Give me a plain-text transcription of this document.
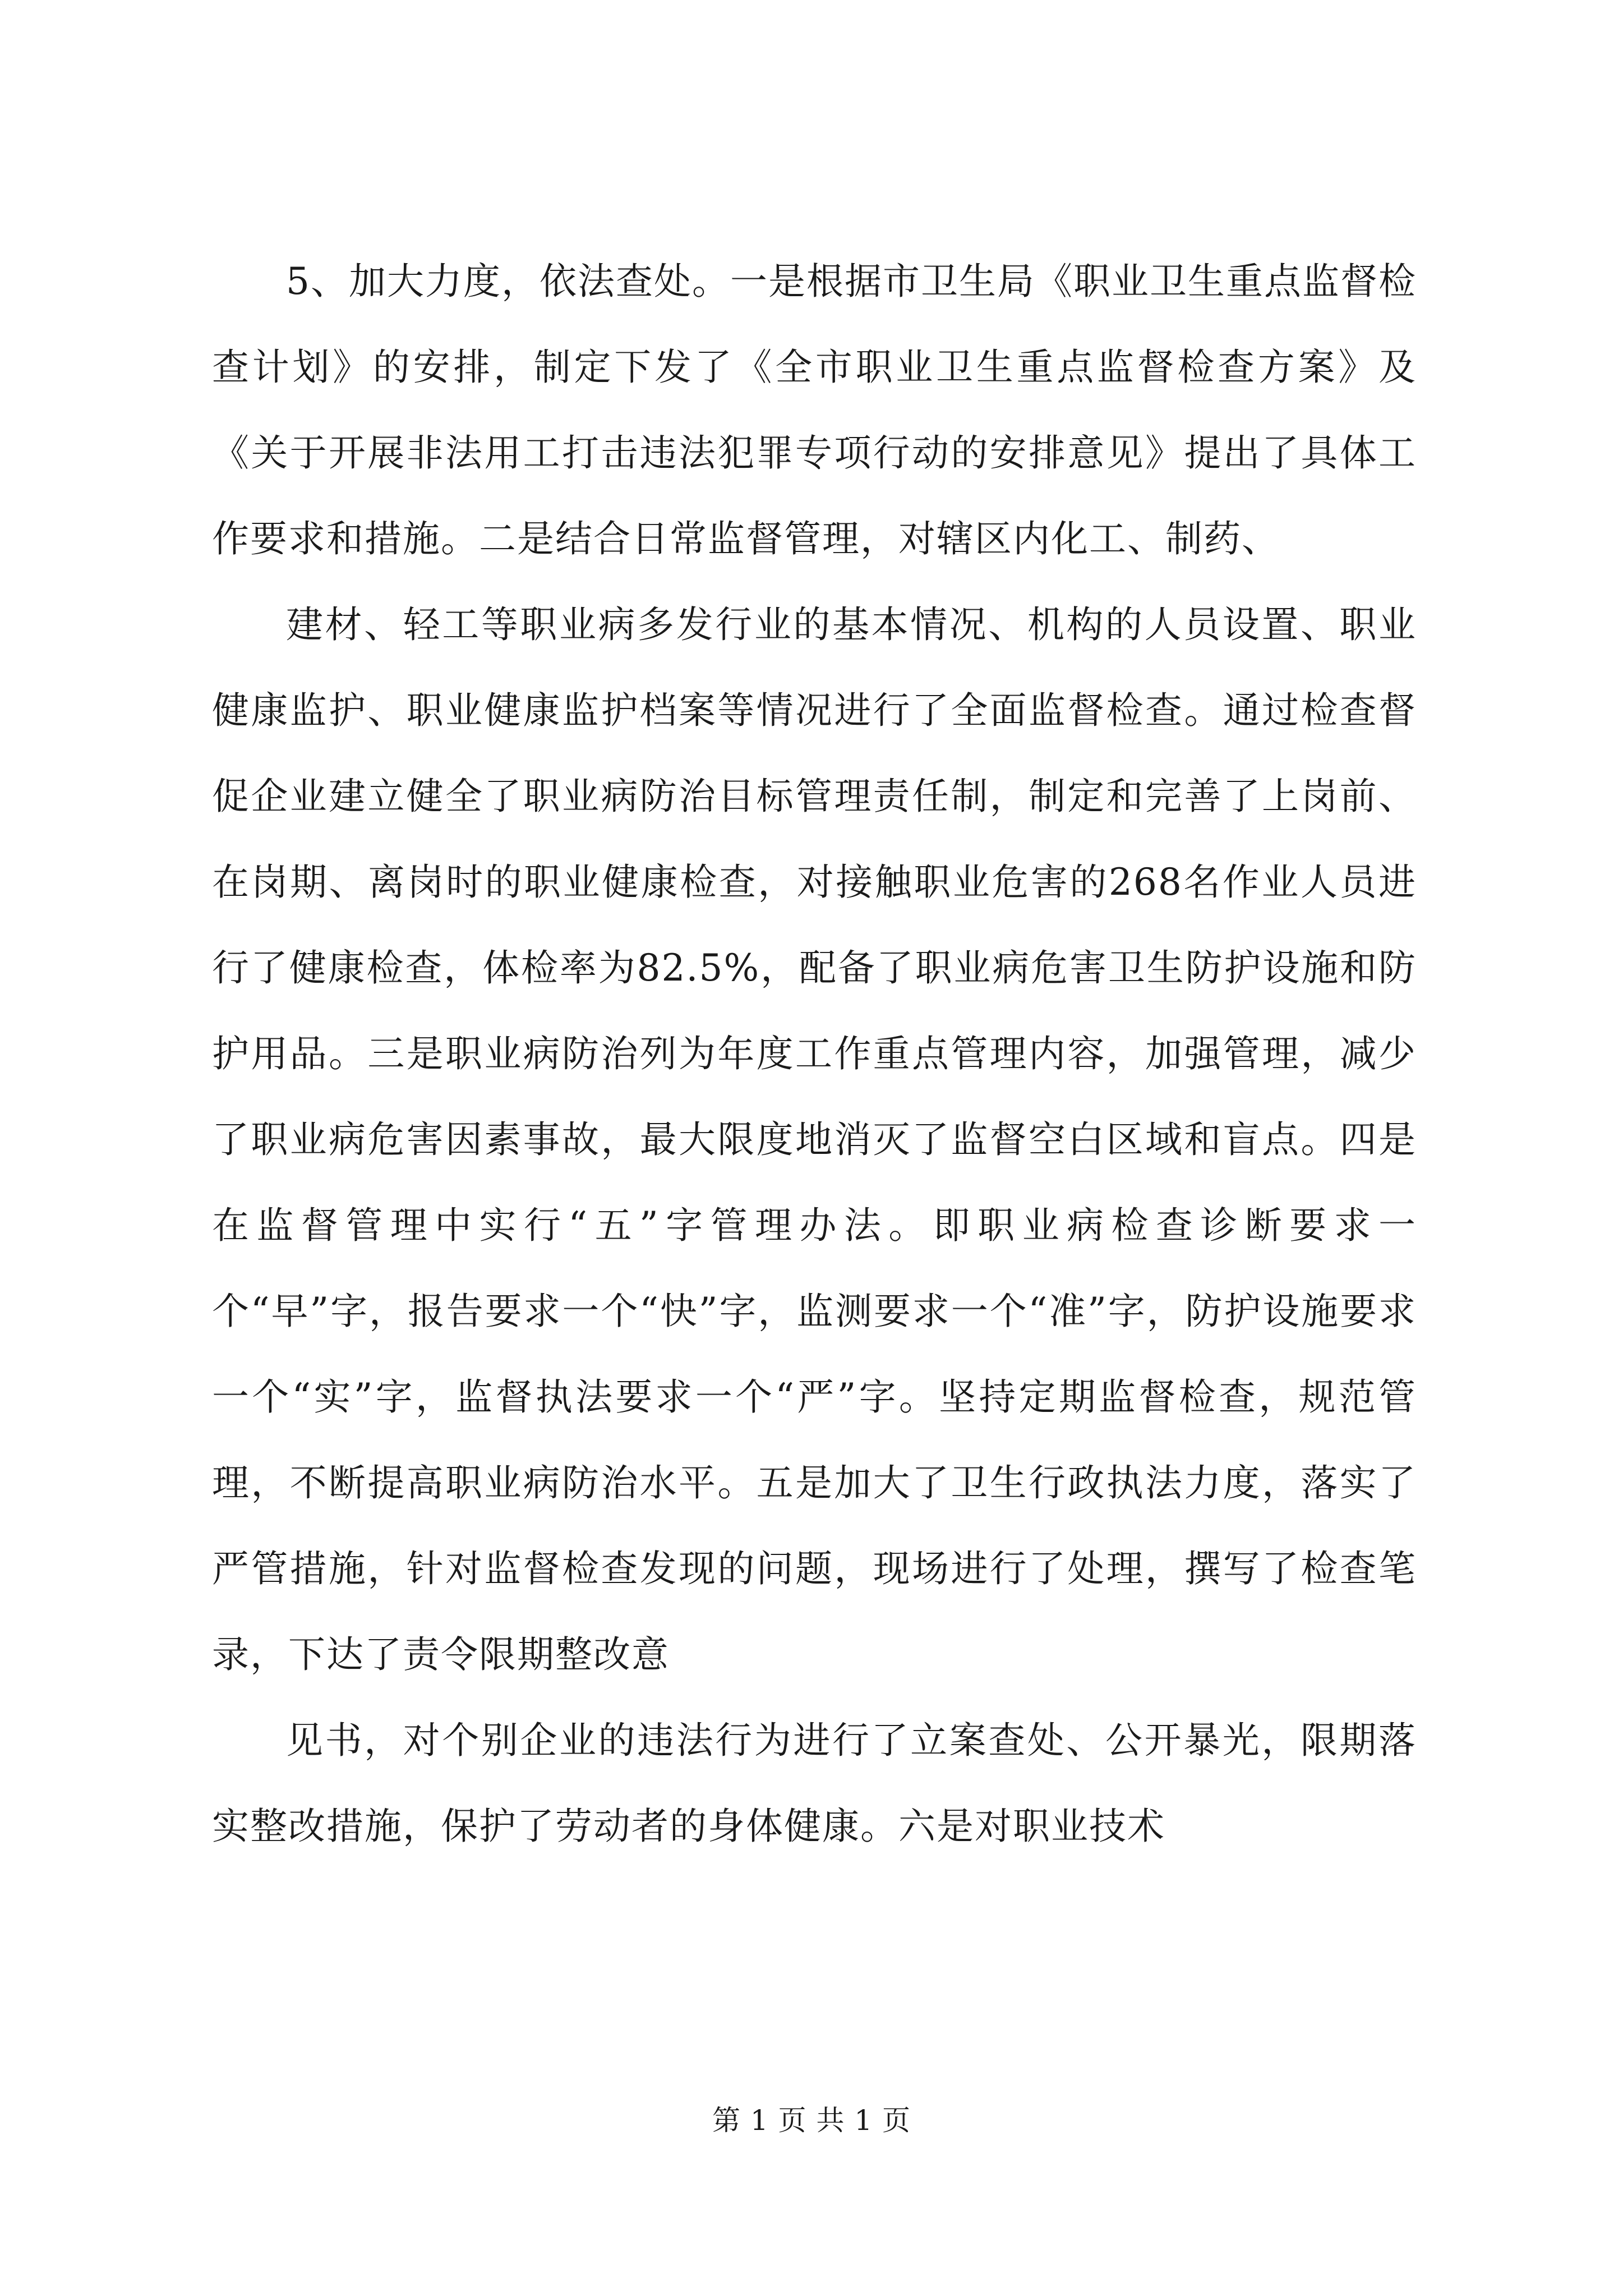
5、加大力度，依法查处。一是根据市卫生局《职业卫生重点监督检查计划》的安排，制定下发了《全市职业卫生重点监督检查方案》及《关于开展非法用工打击违法犯罪专项行动的安排意见》提出了具体工作要求和措施。二是结合日常监督管理，对辖区内化工、制药、

建材、轻工等职业病多发行业的基本情况、机构的人员设置、职业健康监护、职业健康监护档案等情况进行了全面监督检查。通过检查督促企业建立健全了职业病防治目标管理责任制，制定和完善了上岗前、在岗期、离岗时的职业健康检查，对接触职业危害的268名作业人员进行了健康检查，体检率为82.5%，配备了职业病危害卫生防护设施和防护用品。三是职业病防治列为年度工作重点管理内容，加强管理，减少了职业病危害因素事故，最大限度地消灭了监督空白区域和盲点。四是在监督管理中实行“五”字管理办法。即职业病检查诊断要求一个“早”字，报告要求一个“快”字，监测要求一个“准”字，防护设施要求一个“实”字，监督执法要求一个“严”字。坚持定期监督检查，规范管理，不断提高职业病防治水平。五是加大了卫生行政执法力度，落实了严管措施，针对监督检查发现的问题，现场进行了处理，撰写了检查笔录，下达了责令限期整改意

见书，对个别企业的违法行为进行了立案查处、公开暴光，限期落实整改措施，保护了劳动者的身体健康。六是对职业技术

第 1 页 共 1 页
